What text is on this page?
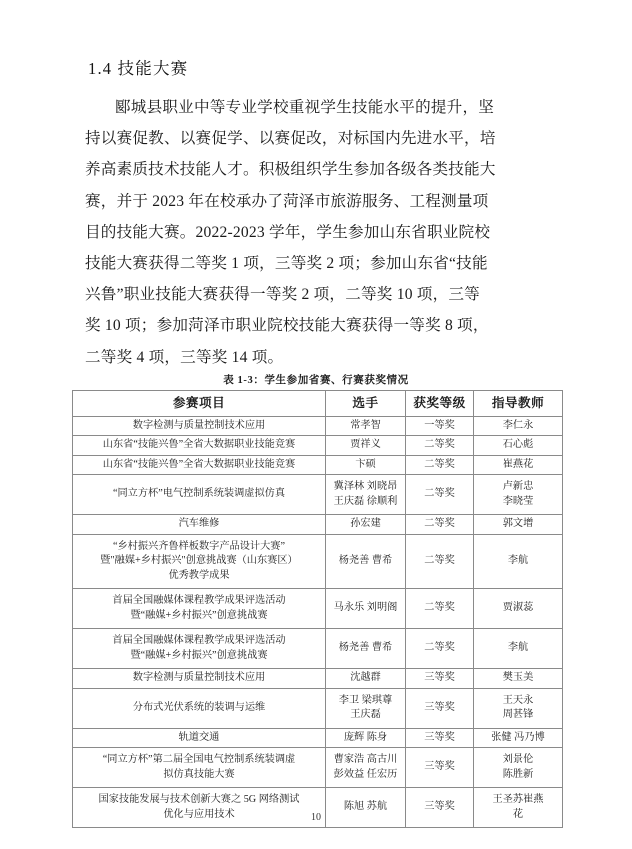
1.4 技能大赛
郾城县职业中等专业学校重视学生技能水平的提升，坚
持以赛促教、以赛促学、以赛促改，对标国内先进水平，培
养高素质技术技能人才。积极组织学生参加各级各类技能大
赛，并于 2023 年在校承办了菏泽市旅游服务、工程测量项
目的技能大赛。2022-2023 学年，学生参加山东省职业院校
技能大赛获得二等奖 1 项，三等奖 2 项；参加山东省“技能
兴鲁”职业技能大赛获得一等奖 2 项，二等奖 10 项，三等
奖 10 项；参加菏泽市职业院校技能大赛获得一等奖 8 项，
二等奖 4 项，三等奖 14 项。
表 1-3：学生参加省赛、行赛获奖情况
参赛项目	选手	获奖等级	指导教师

数字检测与质量控制技术应用	常孝智	一等奖	李仁永

山东省“技能兴鲁”全省大数据职业技能竞赛	贾祥义	二等奖	石心彪

山东省“技能兴鲁”全省大数据职业技能竞赛	卞硕	二等奖	崔燕花

“同立方杯”电气控制系统装调虚拟仿真	冀泽林 刘晓昂
王庆磊 徐顺利	二等奖	卢新忠
李晓莹

汽车维修	孙宏建	二等奖	郭文增

“乡村振兴齐鲁样板数字产品设计大赛”
暨"融媒+乡村振兴"创意挑战赛（山东赛区）
优秀教学成果	杨尧善 曹希	二等奖	李航

首届全国融媒体课程教学成果评选活动
暨“融媒+乡村振兴”创意挑战赛	马永乐 刘明阁	二等奖	贾淑蕊

首届全国融媒体课程教学成果评选活动
暨“融媒+乡村振兴”创意挑战赛	杨尧善 曹希	二等奖	李航

数字检测与质量控制技术应用	沈越群	三等奖	樊玉美

分布式光伏系统的装调与运维	李卫 梁琪尊
王庆磊	三等奖	王天永
周甚锋

轨道交通	庞辉 陈身	三等奖	张健 冯乃博

“同立方杯”第二届全国电气控制系统装调虚
拟仿真技能大赛	曹家浩 高古川
彭效益 任宏历	三等奖	刘景伦
陈胜新

国家技能发展与技术创新大赛之 5G 网络测试
优化与应用技术	陈旭 苏航	三等奖	王圣苏崔燕
花
10
